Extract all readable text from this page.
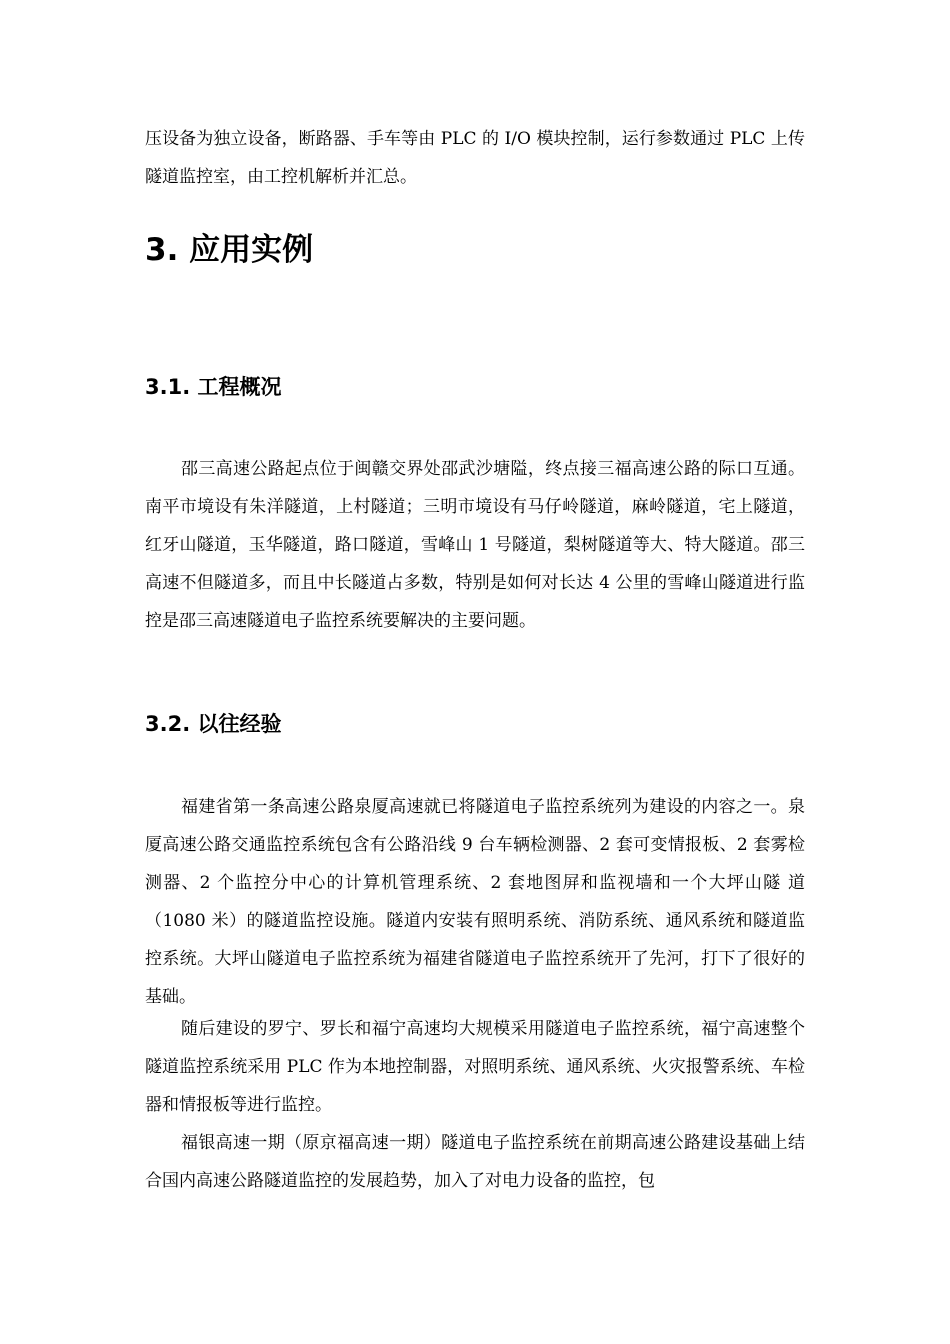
压设备为独立设备，断路器、手车等由 PLC 的 I/O 模块控制，运行参数通过 PLC 上传隧道监控室，由工控机解析并汇总。

3. 应用实例
3.1. 工程概况

邵三高速公路起点位于闽赣交界处邵武沙塘隘，终点接三福高速公路的际口互通。南平市境设有朱洋隧道，上村隧道；三明市境设有马仔岭隧道，麻岭隧道，宅上隧道，红牙山隧道，玉华隧道，路口隧道，雪峰山 1 号隧道，梨树隧道等大、特大隧道。邵三高速不但隧道多，而且中长隧道占多数，特别是如何对长达 4 公里的雪峰山隧道进行监控是邵三高速隧道电子监控系统要解决的主要问题。

3.2. 以往经验

福建省第一条高速公路泉厦高速就已将隧道电子监控系统列为建设的内容之一。泉厦高速公路交通监控系统包含有公路沿线 9 台车辆检测器、2 套可变情报板、2 套雾检测器、2 个监控分中心的计算机管理系统、2 套地图屏和监视墙和一个大坪山隧 道（1080 米）的隧道监控设施。隧道内安装有照明系统、消防系统、通风系统和隧道监控系统。大坪山隧道电子监控系统为福建省隧道电子监控系统开了先河，打下了很好的基础。

随后建设的罗宁、罗长和福宁高速均大规模采用隧道电子监控系统，福宁高速整个隧道监控系统采用 PLC 作为本地控制器，对照明系统、通风系统、火灾报警系统、车检器和情报板等进行监控。

福银高速一期（原京福高速一期）隧道电子监控系统在前期高速公路建设基础上结合国内高速公路隧道监控的发展趋势，加入了对电力设备的监控，包
